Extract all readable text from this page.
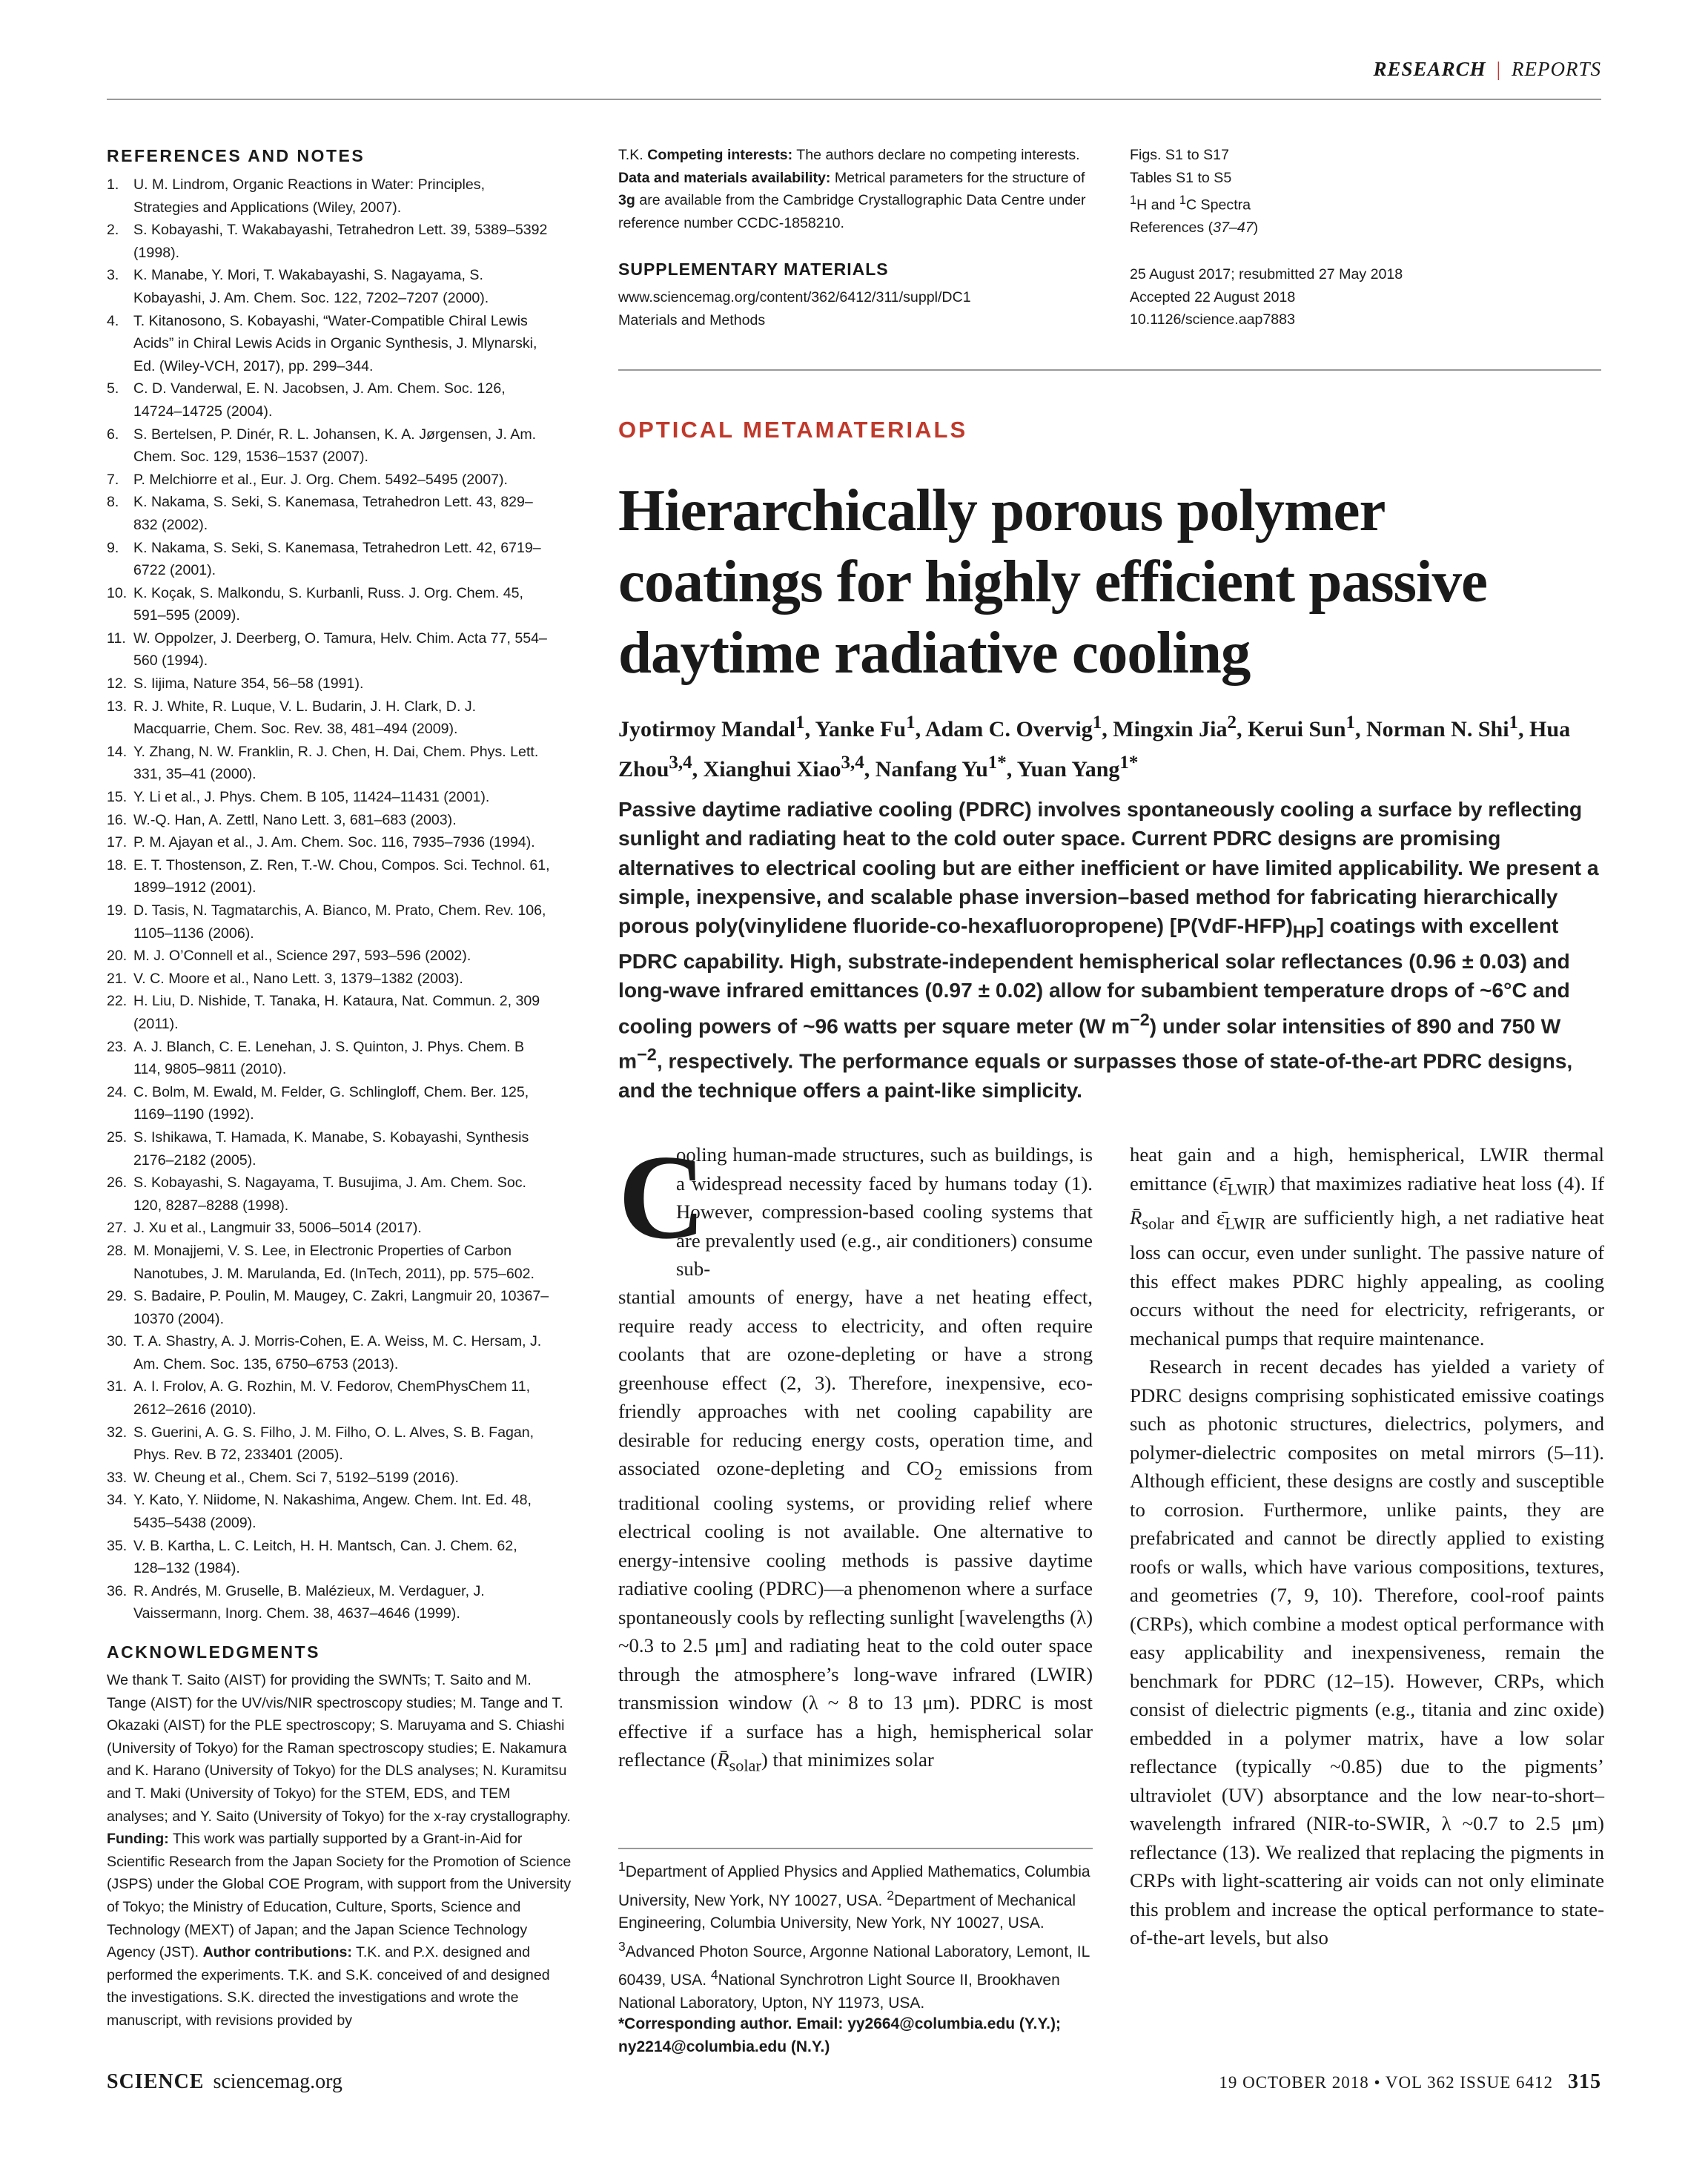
RESEARCH | REPORTS
REFERENCES AND NOTES
1. U. M. Lindrom, Organic Reactions in Water: Principles, Strategies and Applications (Wiley, 2007).
2. S. Kobayashi, T. Wakabayashi, Tetrahedron Lett. 39, 5389–5392 (1998).
3. K. Manabe, Y. Mori, T. Wakabayashi, S. Nagayama, S. Kobayashi, J. Am. Chem. Soc. 122, 7202–7207 (2000).
4. T. Kitanosono, S. Kobayashi, “Water-Compatible Chiral Lewis Acids” in Chiral Lewis Acids in Organic Synthesis, J. Mlynarski, Ed. (Wiley-VCH, 2017), pp. 299–344.
5. C. D. Vanderwal, E. N. Jacobsen, J. Am. Chem. Soc. 126, 14724–14725 (2004).
6. S. Bertelsen, P. Dinér, R. L. Johansen, K. A. Jørgensen, J. Am. Chem. Soc. 129, 1536–1537 (2007).
7. P. Melchiorre et al., Eur. J. Org. Chem. 5492–5495 (2007).
8. K. Nakama, S. Seki, S. Kanemasa, Tetrahedron Lett. 43, 829–832 (2002).
9. K. Nakama, S. Seki, S. Kanemasa, Tetrahedron Lett. 42, 6719–6722 (2001).
10. K. Koçak, S. Malkondu, S. Kurbanli, Russ. J. Org. Chem. 45, 591–595 (2009).
11. W. Oppolzer, J. Deerberg, O. Tamura, Helv. Chim. Acta 77, 554–560 (1994).
12. S. Iijima, Nature 354, 56–58 (1991).
13. R. J. White, R. Luque, V. L. Budarin, J. H. Clark, D. J. Macquarrie, Chem. Soc. Rev. 38, 481–494 (2009).
14. Y. Zhang, N. W. Franklin, R. J. Chen, H. Dai, Chem. Phys. Lett. 331, 35–41 (2000).
15. Y. Li et al., J. Phys. Chem. B 105, 11424–11431 (2001).
16. W.-Q. Han, A. Zettl, Nano Lett. 3, 681–683 (2003).
17. P. M. Ajayan et al., J. Am. Chem. Soc. 116, 7935–7936 (1994).
18. E. T. Thostenson, Z. Ren, T.-W. Chou, Compos. Sci. Technol. 61, 1899–1912 (2001).
19. D. Tasis, N. Tagmatarchis, A. Bianco, M. Prato, Chem. Rev. 106, 1105–1136 (2006).
20. M. J. O’Connell et al., Science 297, 593–596 (2002).
21. V. C. Moore et al., Nano Lett. 3, 1379–1382 (2003).
22. H. Liu, D. Nishide, T. Tanaka, H. Kataura, Nat. Commun. 2, 309 (2011).
23. A. J. Blanch, C. E. Lenehan, J. S. Quinton, J. Phys. Chem. B 114, 9805–9811 (2010).
24. C. Bolm, M. Ewald, M. Felder, G. Schlingloff, Chem. Ber. 125, 1169–1190 (1992).
25. S. Ishikawa, T. Hamada, K. Manabe, S. Kobayashi, Synthesis 2176–2182 (2005).
26. S. Kobayashi, S. Nagayama, T. Busujima, J. Am. Chem. Soc. 120, 8287–8288 (1998).
27. J. Xu et al., Langmuir 33, 5006–5014 (2017).
28. M. Monajjemi, V. S. Lee, in Electronic Properties of Carbon Nanotubes, J. M. Marulanda, Ed. (InTech, 2011), pp. 575–602.
29. S. Badaire, P. Poulin, M. Maugey, C. Zakri, Langmuir 20, 10367–10370 (2004).
30. T. A. Shastry, A. J. Morris-Cohen, E. A. Weiss, M. C. Hersam, J. Am. Chem. Soc. 135, 6750–6753 (2013).
31. A. I. Frolov, A. G. Rozhin, M. V. Fedorov, ChemPhysChem 11, 2612–2616 (2010).
32. S. Guerini, A. G. S. Filho, J. M. Filho, O. L. Alves, S. B. Fagan, Phys. Rev. B 72, 233401 (2005).
33. W. Cheung et al., Chem. Sci 7, 5192–5199 (2016).
34. Y. Kato, Y. Niidome, N. Nakashima, Angew. Chem. Int. Ed. 48, 5435–5438 (2009).
35. V. B. Kartha, L. C. Leitch, H. H. Mantsch, Can. J. Chem. 62, 128–132 (1984).
36. R. Andrés, M. Gruselle, B. Malézieux, M. Verdaguer, J. Vaissermann, Inorg. Chem. 38, 4637–4646 (1999).
ACKNOWLEDGMENTS
We thank T. Saito (AIST) for providing the SWNTs; T. Saito and M. Tange (AIST) for the UV/vis/NIR spectroscopy studies; M. Tange and T. Okazaki (AIST) for the PLE spectroscopy; S. Maruyama and S. Chiashi (University of Tokyo) for the Raman spectroscopy studies; E. Nakamura and K. Harano (University of Tokyo) for the DLS analyses; N. Kuramitsu and T. Maki (University of Tokyo) for the STEM, EDS, and TEM analyses; and Y. Saito (University of Tokyo) for the x-ray crystallography. Funding: This work was partially supported by a Grant-in-Aid for Scientific Research from the Japan Society for the Promotion of Science (JSPS) under the Global COE Program, with support from the University of Tokyo; the Ministry of Education, Culture, Sports, Science and Technology (MEXT) of Japan; and the Japan Science Technology Agency (JST). Author contributions: T.K. and P.X. designed and performed the experiments. T.K. and S.K. conceived of and designed the investigations. S.K. directed the investigations and wrote the manuscript, with revisions provided by
T.K. Competing interests: The authors declare no competing interests. Data and materials availability: Metrical parameters for the structure of 3g are available from the Cambridge Crystallographic Data Centre under reference number CCDC-1858210.
SUPPLEMENTARY MATERIALS
www.sciencemag.org/content/362/6412/311/suppl/DC1
Materials and Methods
Figs. S1 to S17
Tables S1 to S5
$^1$H and $^1$C Spectra
References (37–47)
25 August 2017; resubmitted 27 May 2018
Accepted 22 August 2018
10.1126/science.aap7883
OPTICAL METAMATERIALS
Hierarchically porous polymer coatings for highly efficient passive daytime radiative cooling
Jyotirmoy Mandal$^1$, Yanke Fu$^1$, Adam C. Overvig$^1$, Mingxin Jia$^2$, Kerui Sun$^1$, Norman N. Shi$^1$, Hua Zhou$^{3,4}$, Xianghui Xiao$^{3,4}$, Nanfang $Yu^{1*}$, Yuan Yang$^{1*}$
Passive daytime radiative cooling (PDRC) involves spontaneously cooling a surface by reflecting sunlight and radiating heat to the cold outer space. Current PDRC designs are promising alternatives to electrical cooling but are either inefficient or have limited applicability. We present a simple, inexpensive, and scalable phase inversion–based method for fabricating hierarchically porous poly(vinylidene fluoride-co-hexafluoropropene) $[P(VdF-HFP)_{HP}]$ coatings with excellent PDRC capability. High, substrate-independent hemispherical solar reflectances (0.96 ± 0.03) and long-wave infrared emittances (0.97 ± 0.02) allow for subambient temperature drops of ~6°C and cooling powers of ~96 watts per square meter (W $m^{-2}$) under solar intensities of 890 and 750 W $m^{-2}$, respectively. The performance equals or surpasses those of state-of-the-art PDRC designs, and the technique offers a paint-like simplicity.
C
ooling human-made structures, such as buildings, is a widespread necessity faced by humans today (1). However, compression-based cooling systems that are prevalently used (e.g., air conditioners) consume sub-
stantial amounts of energy, have a net heating effect, require ready access to electricity, and often require coolants that are ozone-depleting or have a strong greenhouse effect (2, 3). Therefore, inexpensive, eco-friendly approaches with net cooling capability are desirable for reducing energy costs, operation time, and associated ozone-depleting and $CO_2$ emissions from traditional cooling systems, or providing relief where electrical cooling is not available. One alternative to energy-intensive cooling methods is passive daytime radiative cooling (PDRC)—a phenomenon where a surface spontaneously cools by reflecting sunlight [wavelengths (λ) ~0.3 to 2.5 μm] and radiating heat to the cold outer space through the atmosphere’s long-wave infrared (LWIR) transmission window (λ ~ 8 to 13 μm). PDRC is most effective if a surface has a high, hemispherical solar reflectance $(R̄_{solar})$ that minimizes solar
$^1$Department of Applied Physics and Applied Mathematics, Columbia University, New York, NY 10027, USA. $^2$Department of Mechanical Engineering, Columbia University, New York, NY 10027, USA. $^3$Advanced Photon Source, Argonne National Laboratory, Lemont, IL 60439, USA. $^4$National Synchrotron Light Source II, Brookhaven National Laboratory, Upton, NY 11973, USA.
*Corresponding author. Email: yy2664@columbia.edu (Y.Y.); ny2214@columbia.edu (N.Y.)

heat gain and a high, hemispherical, LWIR thermal emittance $(\varepsilon̄_{LWIR})$ that maximizes radiative heat loss (4). If $R̄_{solar}$ and $\varepsilon̄_{LWIR}$ are sufficiently high, a net radiative heat loss can occur, even under sunlight. The passive nature of this effect makes PDRC highly appealing, as cooling occurs without the need for electricity, refrigerants, or mechanical pumps that require maintenance.

Research in recent decades has yielded a variety of PDRC designs comprising sophisticated emissive coatings such as photonic structures, dielectrics, polymers, and polymer-dielectric composites on metal mirrors (5–11). Although efficient, these designs are costly and susceptible to corrosion. Furthermore, unlike paints, they are prefabricated and cannot be directly applied to existing roofs or walls, which have various compositions, textures, and geometries (7, 9, 10). Therefore, cool-roof paints (CRPs), which combine a modest optical performance with easy applicability and inexpensiveness, remain the benchmark for PDRC (12–15). However, CRPs, which consist of dielectric pigments (e.g., titania and zinc oxide) embedded in a polymer matrix, have a low solar reflectance (typically ~0.85) due to the pigments’ ultraviolet (UV) absorptance and the low near-to-short–wavelength infrared (NIR-to-SWIR, λ ~0.7 to 2.5 μm) reflectance (13). We realized that replacing the pigments in CRPs with light-scattering air voids can not only eliminate this problem and increase the optical performance to state-of-the-art levels, but also

SCIENCE sciencemag.org	19 OCTOBER 2018 • VOL 362 ISSUE 6412 315
